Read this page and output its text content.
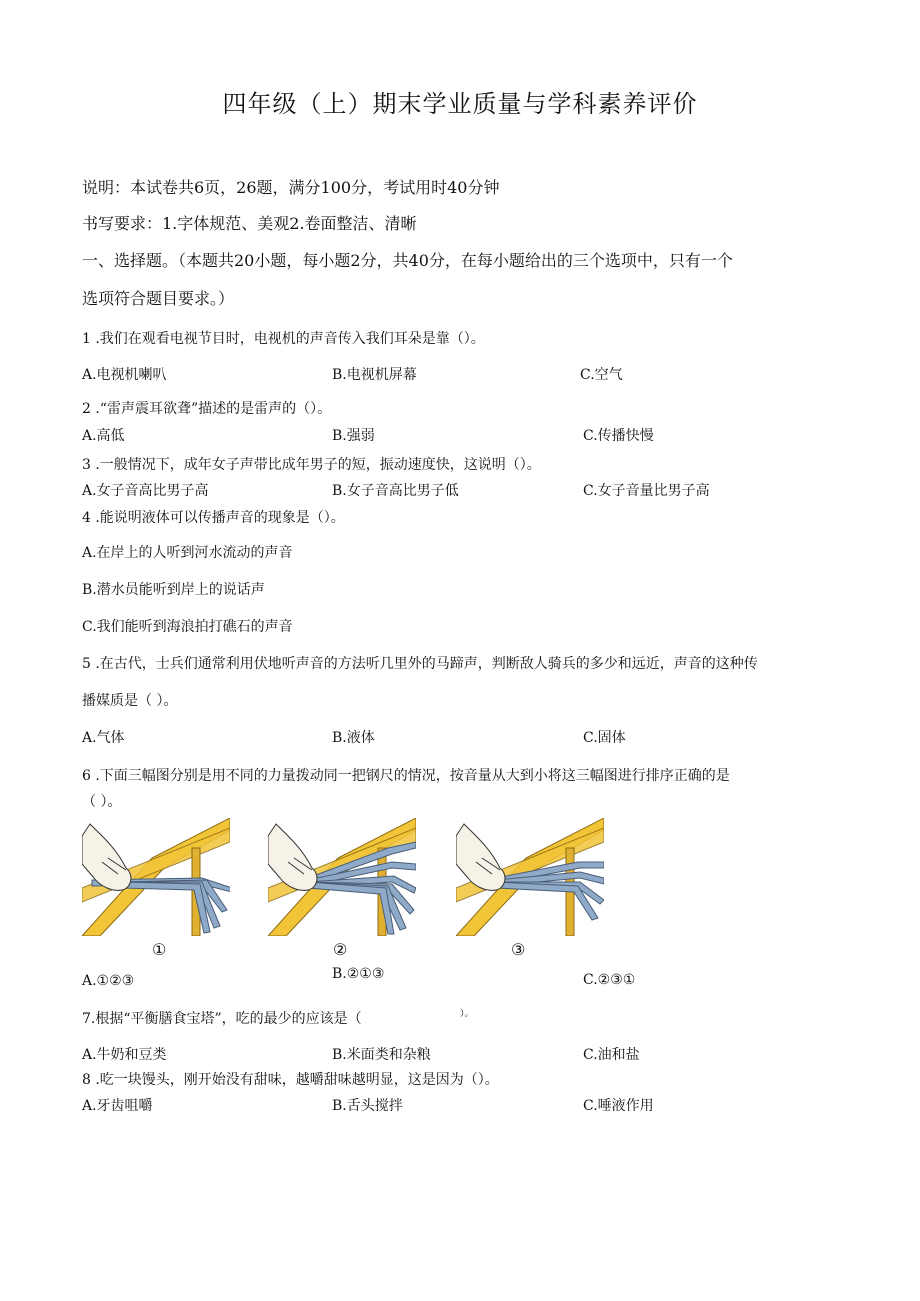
四年级（上）期末学业质量与学科素养评价
说明：本试卷共6页，26题，满分100分，考试用时40分钟
书写要求：1.字体规范、美观2.卷面整洁、清晰
一、选择题。（本题共20小题，每小题2分，共40分，在每小题给出的三个选项中，只有一个
选项符合题目要求。）
1 .我们在观看电视节目时，电视机的声音传入我们耳朵是靠（）。
A.电视机喇叭	B.电视机屏幕	C.空气
2 .“雷声震耳欲聋”描述的是雷声的（）。
A.高低	B.强弱	C.传播快慢
3 .一般情况下，成年女子声带比成年男子的短，振动速度快，这说明（）。
A.女子音高比男子高	B.女子音高比男子低	C.女子音量比男子高
4 .能说明液体可以传播声音的现象是（）。
A.在岸上的人听到河水流动的声音
B.潜水员能听到岸上的说话声
C.我们能听到海浪拍打礁石的声音
5 .在古代，士兵们通常利用伏地听声音的方法听几里外的马蹄声，判断敌人骑兵的多少和远近，声音的这种传
播媒质是（ ）。
A.气体	B.液体	C.固体
6 .下面三幅图分别是用不同的力量拨动同一把钢尺的情况，按音量从大到小将这三幅图进行排序正确的是
（ ）。
①	②	③
A.①②③	B.②①③	C.②③①
7.根据“平衡膳食宝塔”，吃的最少的应该是（	）。
A.牛奶和豆类	B.米面类和杂粮	C.油和盐
8 .吃一块馒头，刚开始没有甜味，越嚼甜味越明显，这是因为（）。
A.牙齿咀嚼	B.舌头搅拌	C.唾液作用
